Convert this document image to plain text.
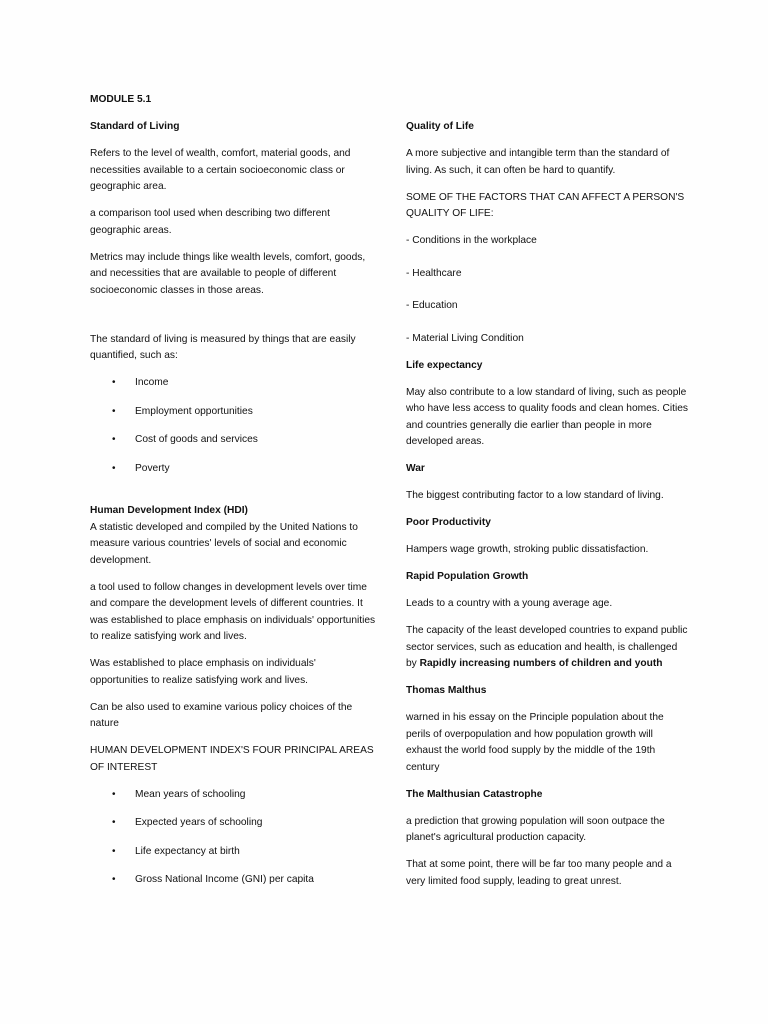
MODULE 5.1

Standard of Living

Refers to the level of wealth, comfort, material goods, and necessities available to a certain socioeconomic class or geographic area.

a comparison tool used when describing two different geographic areas.

Metrics may include things like wealth levels, comfort, goods, and necessities that are available to people of different socioeconomic classes in those areas.

The standard of living is measured by things that are easily quantified, such as:

• Income
• Employment opportunities
• Cost of goods and services
• Poverty

Human Development Index (HDI)

A statistic developed and compiled by the United Nations to measure various countries' levels of social and economic development.

a tool used to follow changes in development levels over time and compare the development levels of different countries. It was established to place emphasis on individuals' opportunities to realize satisfying work and lives.

Was established to place emphasis on individuals' opportunities to realize satisfying work and lives.

Can be also used to examine various policy choices of the nature

HUMAN DEVELOPMENT INDEX'S FOUR PRINCIPAL AREAS OF INTEREST

• Mean years of schooling
• Expected years of schooling
• Life expectancy at birth
• Gross National Income (GNI) per capita

Quality of Life

A more subjective and intangible term than the standard of living. As such, it can often be hard to quantify.

SOME OF THE FACTORS THAT CAN AFFECT A PERSON'S QUALITY OF LIFE:

- Conditions in the workplace

- Healthcare

- Education

- Material Living Condition

Life expectancy

May also contribute to a low standard of living, such as people who have less access to quality foods and clean homes. Cities and countries generally die earlier than people in more developed areas.

War

The biggest contributing factor to a low standard of living.

Poor Productivity

Hampers wage growth, stroking public dissatisfaction.

Rapid Population Growth

Leads to a country with a young average age.

The capacity of the least developed countries to expand public sector services, such as education and health, is challenged by Rapidly increasing numbers of children and youth

Thomas Malthus

warned in his essay on the Principle population about the perils of overpopulation and how population growth will exhaust the world food supply by the middle of the 19th century

The Malthusian Catastrophe

a prediction that growing population will soon outpace the planet's agricultural production capacity.

That at some point, there will be far too many people and a very limited food supply, leading to great unrest.
